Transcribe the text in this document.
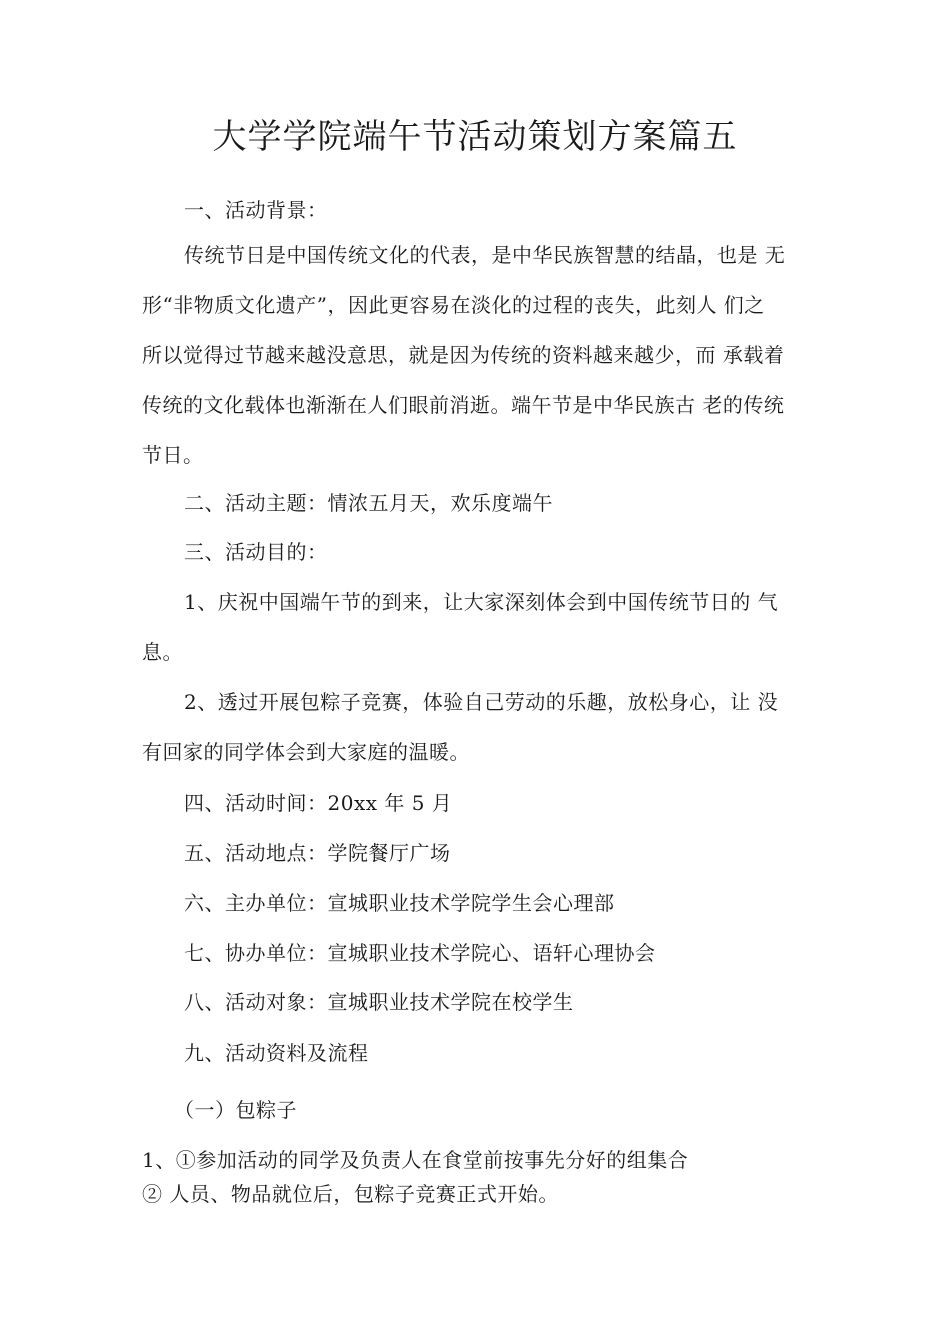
大学学院端午节活动策划方案篇五
一、活动背景：
传统节日是中国传统文化的代表，是中华民族智慧的结晶，也是 无
形“非物质文化遗产”，因此更容易在淡化的过程的丧失，此刻人 们之
所以觉得过节越来越没意思，就是因为传统的资料越来越少，而 承载着
传统的文化载体也渐渐在人们眼前消逝。端午节是中华民族古 老的传统
节日。
二、活动主题：情浓五月天，欢乐度端午
三、活动目的：
1、庆祝中国端午节的到来，让大家深刻体会到中国传统节日的 气
息。
2、透过开展包粽子竞赛，体验自己劳动的乐趣，放松身心，让 没
有回家的同学体会到大家庭的温暖。
四、活动时间：20xx 年 5 月
五、活动地点：学院餐厅广场
六、主办单位：宣城职业技术学院学生会心理部
七、协办单位：宣城职业技术学院心、语轩心理协会
八、活动对象：宣城职业技术学院在校学生
九、活动资料及流程
（一）包粽子
1、①参加活动的同学及负责人在食堂前按事先分好的组集合
② 人员、物品就位后，包粽子竞赛正式开始。
